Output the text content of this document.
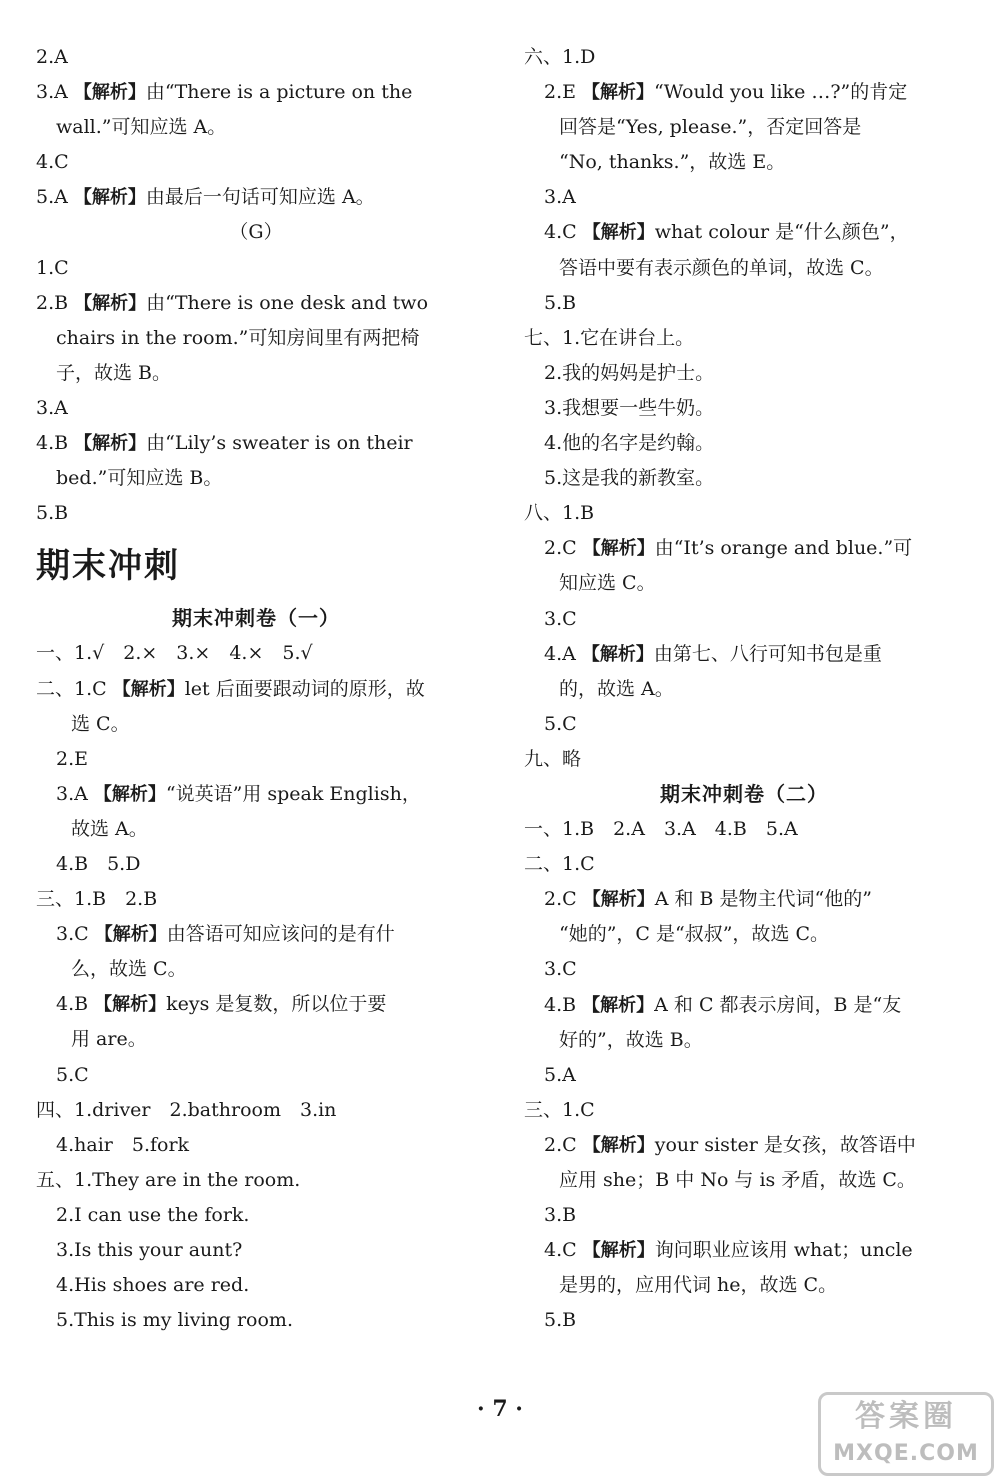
2.A
3.A 【解析】由“There is a picture on the
wall.”可知应选 A。
4.C
5.A 【解析】由最后一句话可知应选 A。
（G）
1.C
2.B 【解析】由“There is one desk and two
chairs in the room.”可知房间里有两把椅
子，故选 B。
3.A
4.B 【解析】由“Lily’s sweater is on their
bed.”可知应选 B。
5.B
期末冲刺
期末冲刺卷（一）
一、1.√　2.×　3.×　4.×　5.√
二、1.C 【解析】let 后面要跟动词的原形，故
选 C。
2.E
3.A 【解析】“说英语”用 speak English，
故选 A。
4.B　5.D
三、1.B　2.B
3.C 【解析】由答语可知应该问的是有什
么，故选 C。
4.B 【解析】keys 是复数，所以位于要
用 are。
5.C
四、1.driver　2.bathroom　3.in
4.hair　5.fork
五、1.They are in the room.
2.I can use the fork.
3.Is this your aunt?
4.His shoes are red.
5.This is my living room.
六、1.D
2.E 【解析】“Would you like …?”的肯定
回答是“Yes, please.”，否定回答是
“No, thanks.”，故选 E。
3.A
4.C 【解析】what colour 是“什么颜色”，
答语中要有表示颜色的单词，故选 C。
5.B
七、1.它在讲台上。
2.我的妈妈是护士。
3.我想要一些牛奶。
4.他的名字是约翰。
5.这是我的新教室。
八、1.B
2.C 【解析】由“It’s orange and blue.”可
知应选 C。
3.C
4.A 【解析】由第七、八行可知书包是重
的，故选 A。
5.C
九、略
期末冲刺卷（二）
一、1.B　2.A　3.A　4.B　5.A
二、1.C
2.C 【解析】A 和 B 是物主代词“他的”
“她的”，C 是“叔叔”，故选 C。
3.C
4.B 【解析】A 和 C 都表示房间，B 是“友
好的”，故选 B。
5.A
三、1.C
2.C 【解析】your sister 是女孩，故答语中
应用 she；B 中 No 与 is 矛盾，故选 C。
3.B
4.C 【解析】询问职业应该用 what；uncle
是男的，应用代词 he，故选 C。
5.B
· 7 ·	答案圈
MXQE.COM
